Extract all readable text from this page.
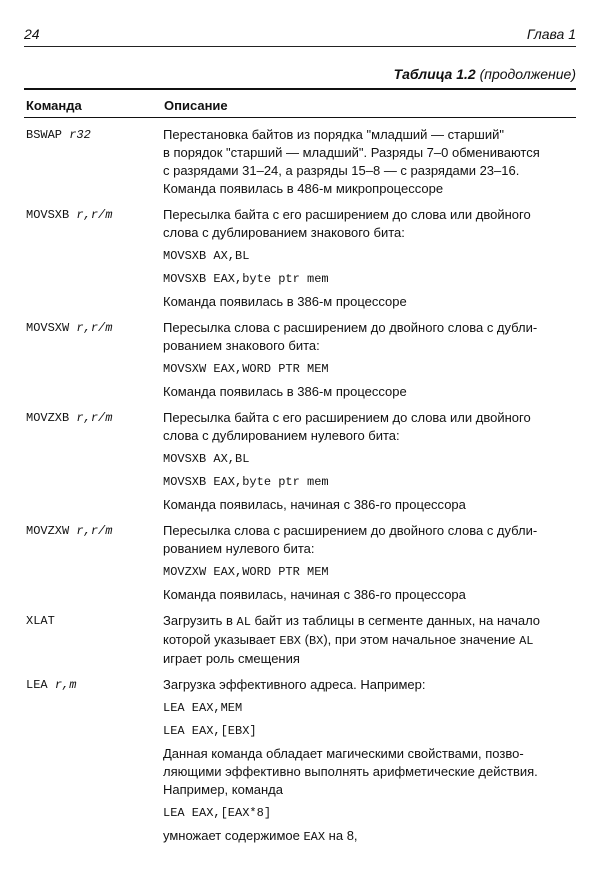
24	Глава 1
Таблица 1.2 (продолжение)
Команда	Описание
BSWAP r32	Перестановка байтов из порядка "младший — старший"
в порядок "старший — младший". Разряды 7–0 обмениваются
с разрядами 31–24, а разряды 15–8 — с разрядами 23–16.
Команда появилась в 486-м микропроцессоре
MOVSXB r,r/m	Пересылка байта с его расширением до слова или двойного
слова с дублированием знакового бита:
MOVSXB AX,BL
MOVSXB EAX,byte ptr mem
Команда появилась в 386-м процессоре
MOVSXW r,r/m	Пересылка слова с расширением до двойного слова с дубли-
рованием знакового бита:
MOVSXW EAX,WORD PTR MEM
Команда появилась в 386-м процессоре
MOVZXB r,r/m	Пересылка байта с его расширением до слова или двойного
слова с дублированием нулевого бита:
MOVSXB AX,BL
MOVSXB EAX,byte ptr mem
Команда появилась, начиная с 386-го процессора
MOVZXW r,r/m	Пересылка слова с расширением до двойного слова с дубли-
рованием нулевого бита:
MOVZXW EAX,WORD PTR MEM
Команда появилась, начиная с 386-го процессора
XLAT	Загрузить в AL байт из таблицы в сегменте данных, на начало
которой указывает EBX (BX), при этом начальное значение AL
играет роль смещения
LEA r,m	Загрузка эффективного адреса. Например:
LEA EAX,MEM
LEA EAX,[EBX]
Данная команда обладает магическими свойствами, позво-
ляющими эффективно выполнять арифметические действия.
Например, команда
LEA EAX,[EAX*8]
умножает содержимое EAX на 8,
